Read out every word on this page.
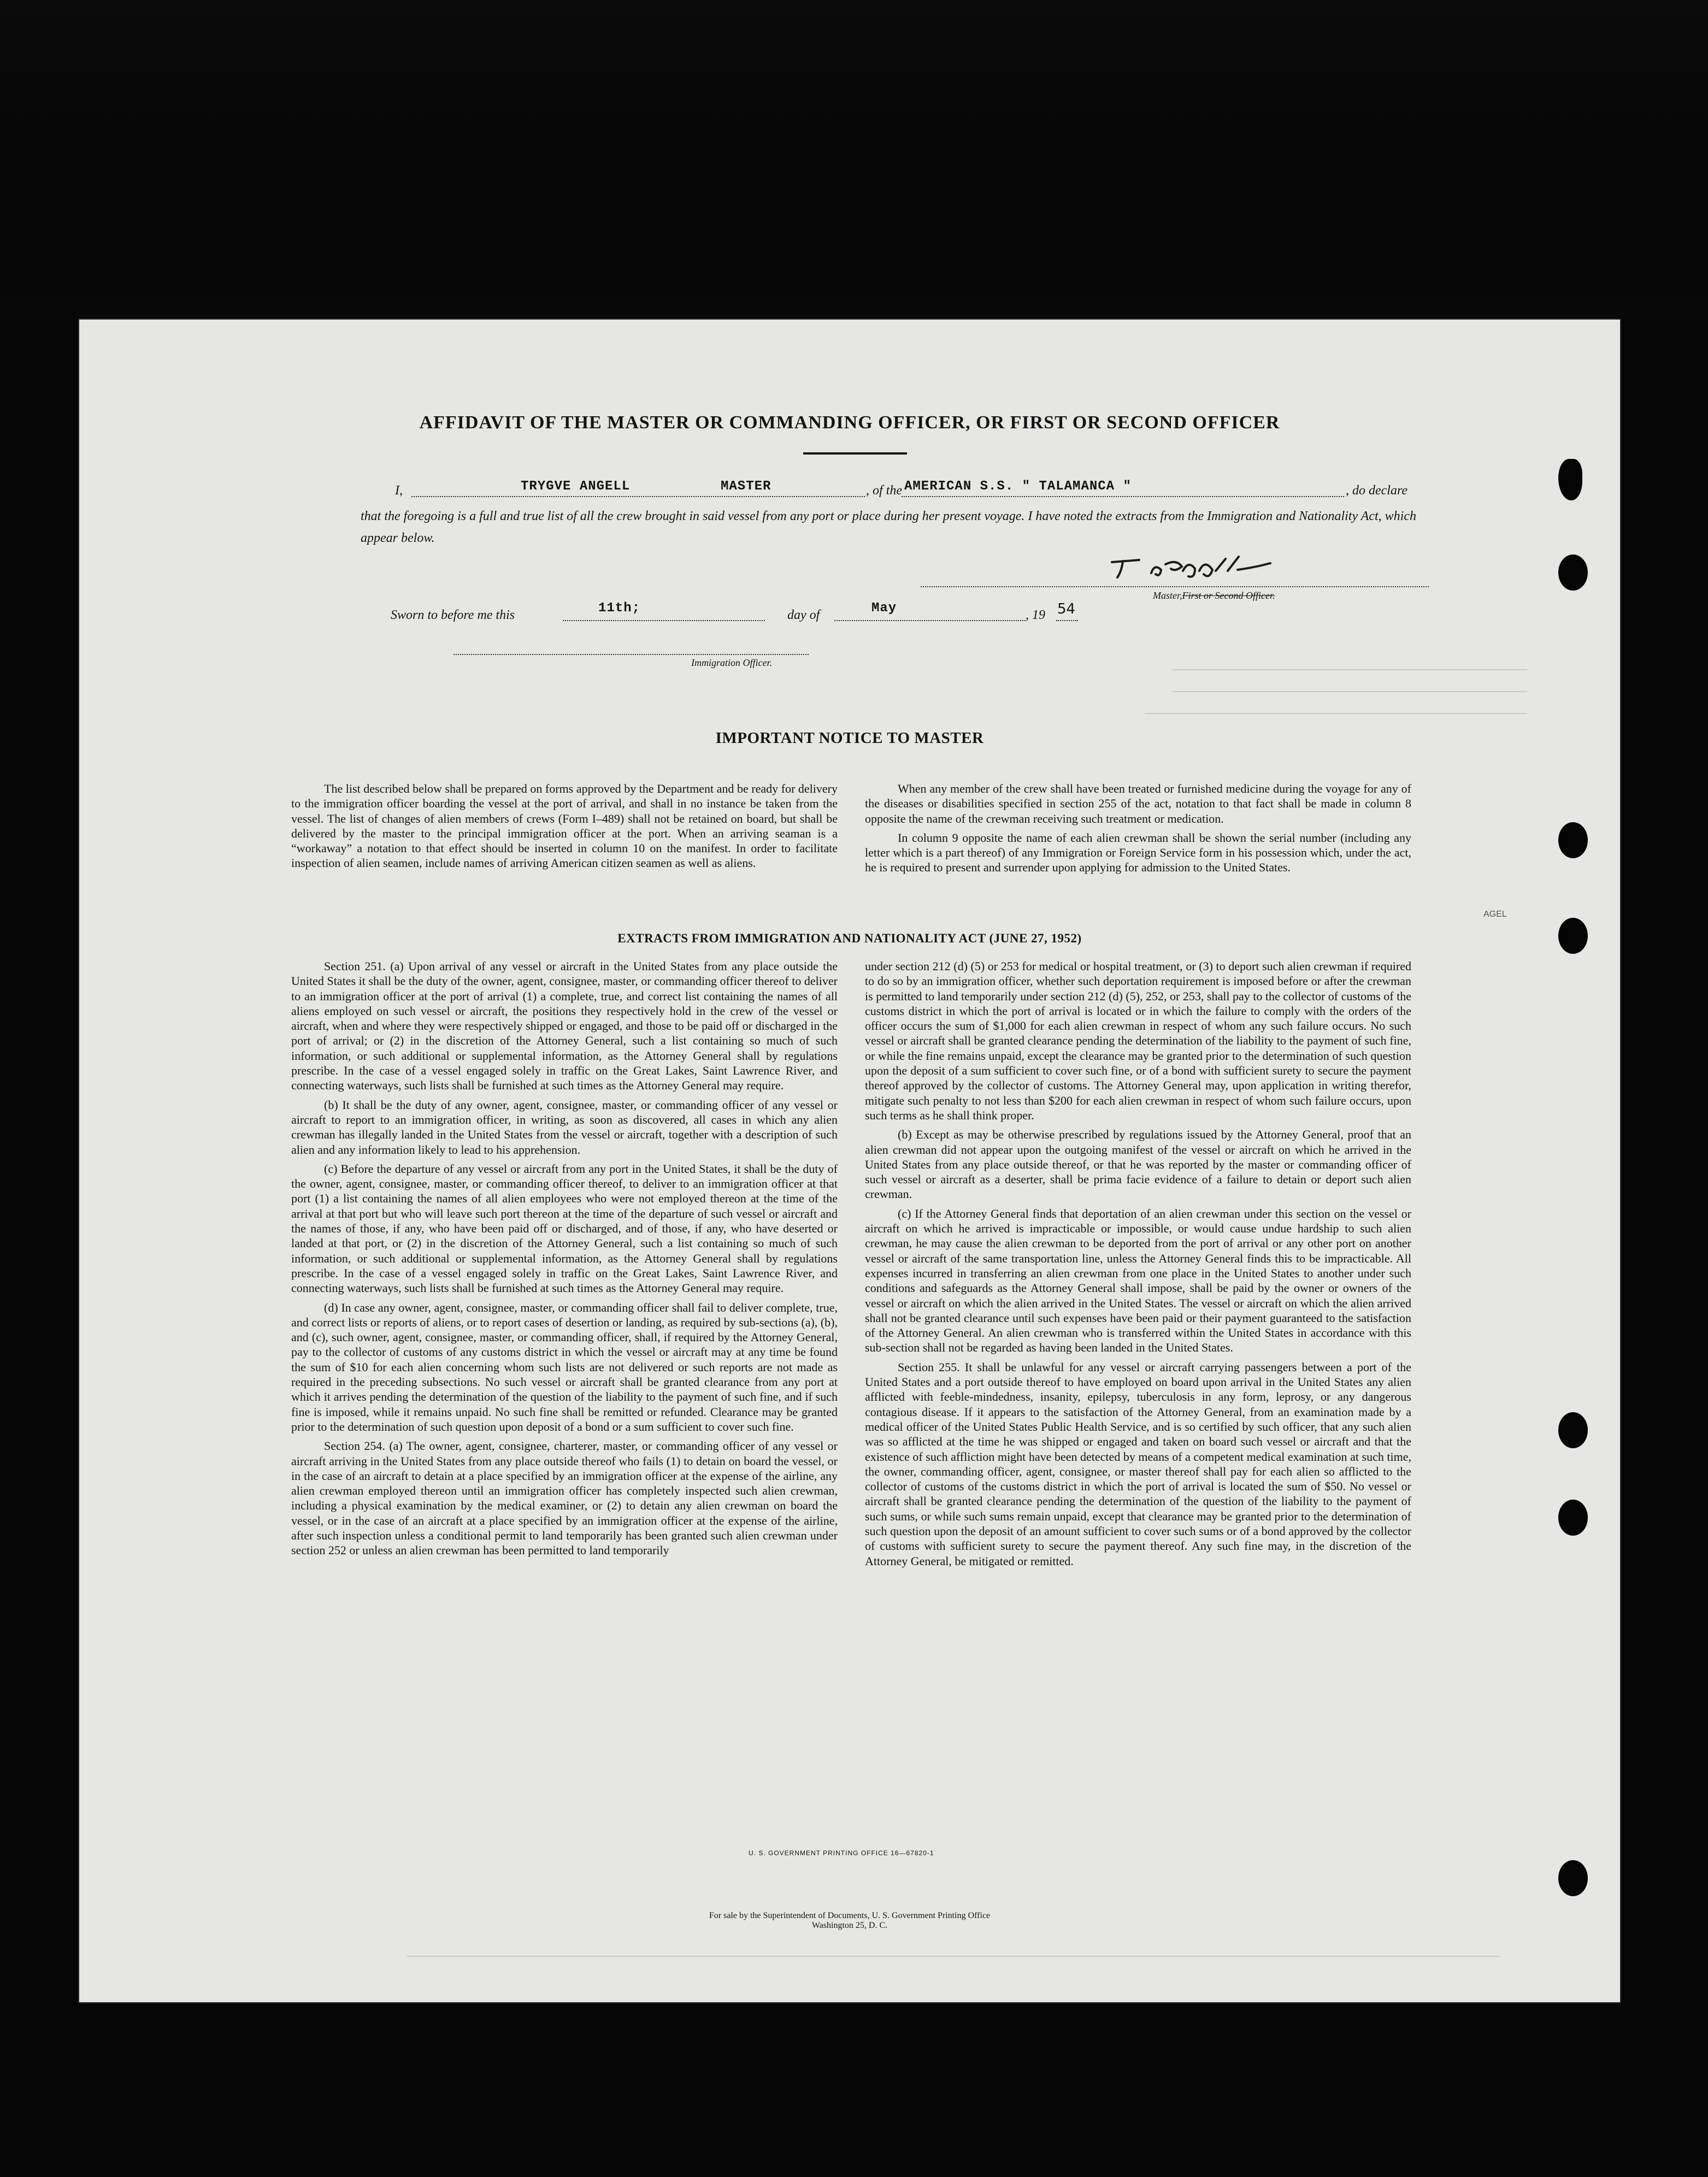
AFFIDAVIT OF THE MASTER OR COMMANDING OFFICER, OR FIRST OR SECOND OFFICER
I,	TRYGVE ANGELL	MASTER	, of the AMERICAN S.S. " TALAMANCA "	, do declare
that the foregoing is a full and true list of all the crew brought in said vessel from any port or place during her present voyage. I have noted the extracts from the Immigration and Nationality Act, which appear below.
Master,First or Second Officer.
Sworn to before me this	11th;	day of	May	, 19 54
Immigration Officer.
IMPORTANT NOTICE TO MASTER

The list described below shall be prepared on forms approved by the Department and be ready for delivery to the immigration officer boarding the vessel at the port of arrival, and shall in no instance be taken from the vessel. The list of changes of alien members of crews (Form I–489) shall not be retained on board, but shall be delivered by the master to the principal immigration officer at the port. When an arriving seaman is a “workaway” a notation to that effect should be inserted in column 10 on the manifest. In order to facilitate inspection of alien seamen, include names of arriving American citizen seamen as well as aliens.

When any member of the crew shall have been treated or furnished medicine during the voyage for any of the diseases or disabilities specified in section 255 of the act, notation to that fact shall be made in column 8 opposite the name of the crewman receiving such treatment or medication.

In column 9 opposite the name of each alien crewman shall be shown the serial number (including any letter which is a part thereof) of any Immigration or Foreign Service form in his possession which, under the act, he is required to present and surrender upon applying for admission to the United States.

AGEL
EXTRACTS FROM IMMIGRATION AND NATIONALITY ACT (JUNE 27, 1952)

Section 251. (a) Upon arrival of any vessel or aircraft in the United States from any place outside the United States it shall be the duty of the owner, agent, consignee, master, or commanding officer thereof to deliver to an immigration officer at the port of arrival (1) a complete, true, and correct list containing the names of all aliens employed on such vessel or aircraft, the positions they respectively hold in the crew of the vessel or aircraft, when and where they were respectively shipped or engaged, and those to be paid off or discharged in the port of arrival; or (2) in the discretion of the Attorney General, such a list containing so much of such information, or such additional or supplemental information, as the Attorney General shall by regulations prescribe. In the case of a vessel engaged solely in traffic on the Great Lakes, Saint Lawrence River, and connecting waterways, such lists shall be furnished at such times as the Attorney General may require.

(b) It shall be the duty of any owner, agent, consignee, master, or commanding officer of any vessel or aircraft to report to an immigration officer, in writing, as soon as discovered, all cases in which any alien crewman has illegally landed in the United States from the vessel or aircraft, together with a description of such alien and any information likely to lead to his apprehension.

(c) Before the departure of any vessel or aircraft from any port in the United States, it shall be the duty of the owner, agent, consignee, master, or commanding officer thereof, to deliver to an immigration officer at that port (1) a list containing the names of all alien employees who were not employed thereon at the time of the arrival at that port but who will leave such port thereon at the time of the departure of such vessel or aircraft and the names of those, if any, who have been paid off or discharged, and of those, if any, who have deserted or landed at that port, or (2) in the discretion of the Attorney General, such a list containing so much of such information, or such additional or supplemental information, as the Attorney General shall by regulations prescribe. In the case of a vessel engaged solely in traffic on the Great Lakes, Saint Lawrence River, and connecting waterways, such lists shall be furnished at such times as the Attorney General may require.

(d) In case any owner, agent, consignee, master, or commanding officer shall fail to deliver complete, true, and correct lists or reports of aliens, or to report cases of desertion or landing, as required by sub-sections (a), (b), and (c), such owner, agent, consignee, master, or commanding officer, shall, if required by the Attorney General, pay to the collector of customs of any customs district in which the vessel or aircraft may at any time be found the sum of $10 for each alien concerning whom such lists are not delivered or such reports are not made as required in the preceding subsections. No such vessel or aircraft shall be granted clearance from any port at which it arrives pending the determination of the question of the liability to the payment of such fine, and if such fine is imposed, while it remains unpaid. No such fine shall be remitted or refunded. Clearance may be granted prior to the determination of such question upon deposit of a bond or a sum sufficient to cover such fine.

Section 254. (a) The owner, agent, consignee, charterer, master, or commanding officer of any vessel or aircraft arriving in the United States from any place outside thereof who fails (1) to detain on board the vessel, or in the case of an aircraft to detain at a place specified by an immigration officer at the expense of the airline, any alien crewman employed thereon until an immigration officer has completely inspected such alien crewman, including a physical examination by the medical examiner, or (2) to detain any alien crewman on board the vessel, or in the case of an aircraft at a place specified by an immigration officer at the expense of the airline, after such inspection unless a conditional permit to land temporarily has been granted such alien crewman under section 252 or unless an alien crewman has been permitted to land temporarily

under section 212 (d) (5) or 253 for medical or hospital treatment, or (3) to deport such alien crewman if required to do so by an immigration officer, whether such deportation requirement is imposed before or after the crewman is permitted to land temporarily under section 212 (d) (5), 252, or 253, shall pay to the collector of customs of the customs district in which the port of arrival is located or in which the failure to comply with the orders of the officer occurs the sum of $1,000 for each alien crewman in respect of whom any such failure occurs. No such vessel or aircraft shall be granted clearance pending the determination of the liability to the payment of such fine, or while the fine remains unpaid, except the clearance may be granted prior to the determination of such question upon the deposit of a sum sufficient to cover such fine, or of a bond with sufficient surety to secure the payment thereof approved by the collector of customs. The Attorney General may, upon application in writing therefor, mitigate such penalty to not less than $200 for each alien crewman in respect of whom such failure occurs, upon such terms as he shall think proper.

(b) Except as may be otherwise prescribed by regulations issued by the Attorney General, proof that an alien crewman did not appear upon the outgoing manifest of the vessel or aircraft on which he arrived in the United States from any place outside thereof, or that he was reported by the master or commanding officer of such vessel or aircraft as a deserter, shall be prima facie evidence of a failure to detain or deport such alien crewman.

(c) If the Attorney General finds that deportation of an alien crewman under this section on the vessel or aircraft on which he arrived is impracticable or impossible, or would cause undue hardship to such alien crewman, he may cause the alien crewman to be deported from the port of arrival or any other port on another vessel or aircraft of the same transportation line, unless the Attorney General finds this to be impracticable. All expenses incurred in transferring an alien crewman from one place in the United States to another under such conditions and safeguards as the Attorney General shall impose, shall be paid by the owner or owners of the vessel or aircraft on which the alien arrived in the United States. The vessel or aircraft on which the alien arrived shall not be granted clearance until such expenses have been paid or their payment guaranteed to the satisfaction of the Attorney General. An alien crewman who is transferred within the United States in accordance with this sub-section shall not be regarded as having been landed in the United States.

Section 255. It shall be unlawful for any vessel or aircraft carrying passengers between a port of the United States and a port outside thereof to have employed on board upon arrival in the United States any alien afflicted with feeble-mindedness, insanity, epilepsy, tuberculosis in any form, leprosy, or any dangerous contagious disease. If it appears to the satisfaction of the Attorney General, from an examination made by a medical officer of the United States Public Health Service, and is so certified by such officer, that any such alien was so afflicted at the time he was shipped or engaged and taken on board such vessel or aircraft and that the existence of such affliction might have been detected by means of a competent medical examination at such time, the owner, commanding officer, agent, consignee, or master thereof shall pay for each alien so afflicted to the collector of customs of the customs district in which the port of arrival is located the sum of $50. No vessel or aircraft shall be granted clearance pending the determination of the question of the liability to the payment of such sums, or while such sums remain unpaid, except that clearance may be granted prior to the determination of such question upon the deposit of an amount sufficient to cover such sums or of a bond approved by the collector of customs with sufficient surety to secure the payment thereof. Any such fine may, in the discretion of the Attorney General, be mitigated or remitted.

U. S. GOVERNMENT PRINTING OFFICE 16—67820-1
For sale by the Superintendent of Documents, U. S. Government Printing Office
Washington 25, D. C.
